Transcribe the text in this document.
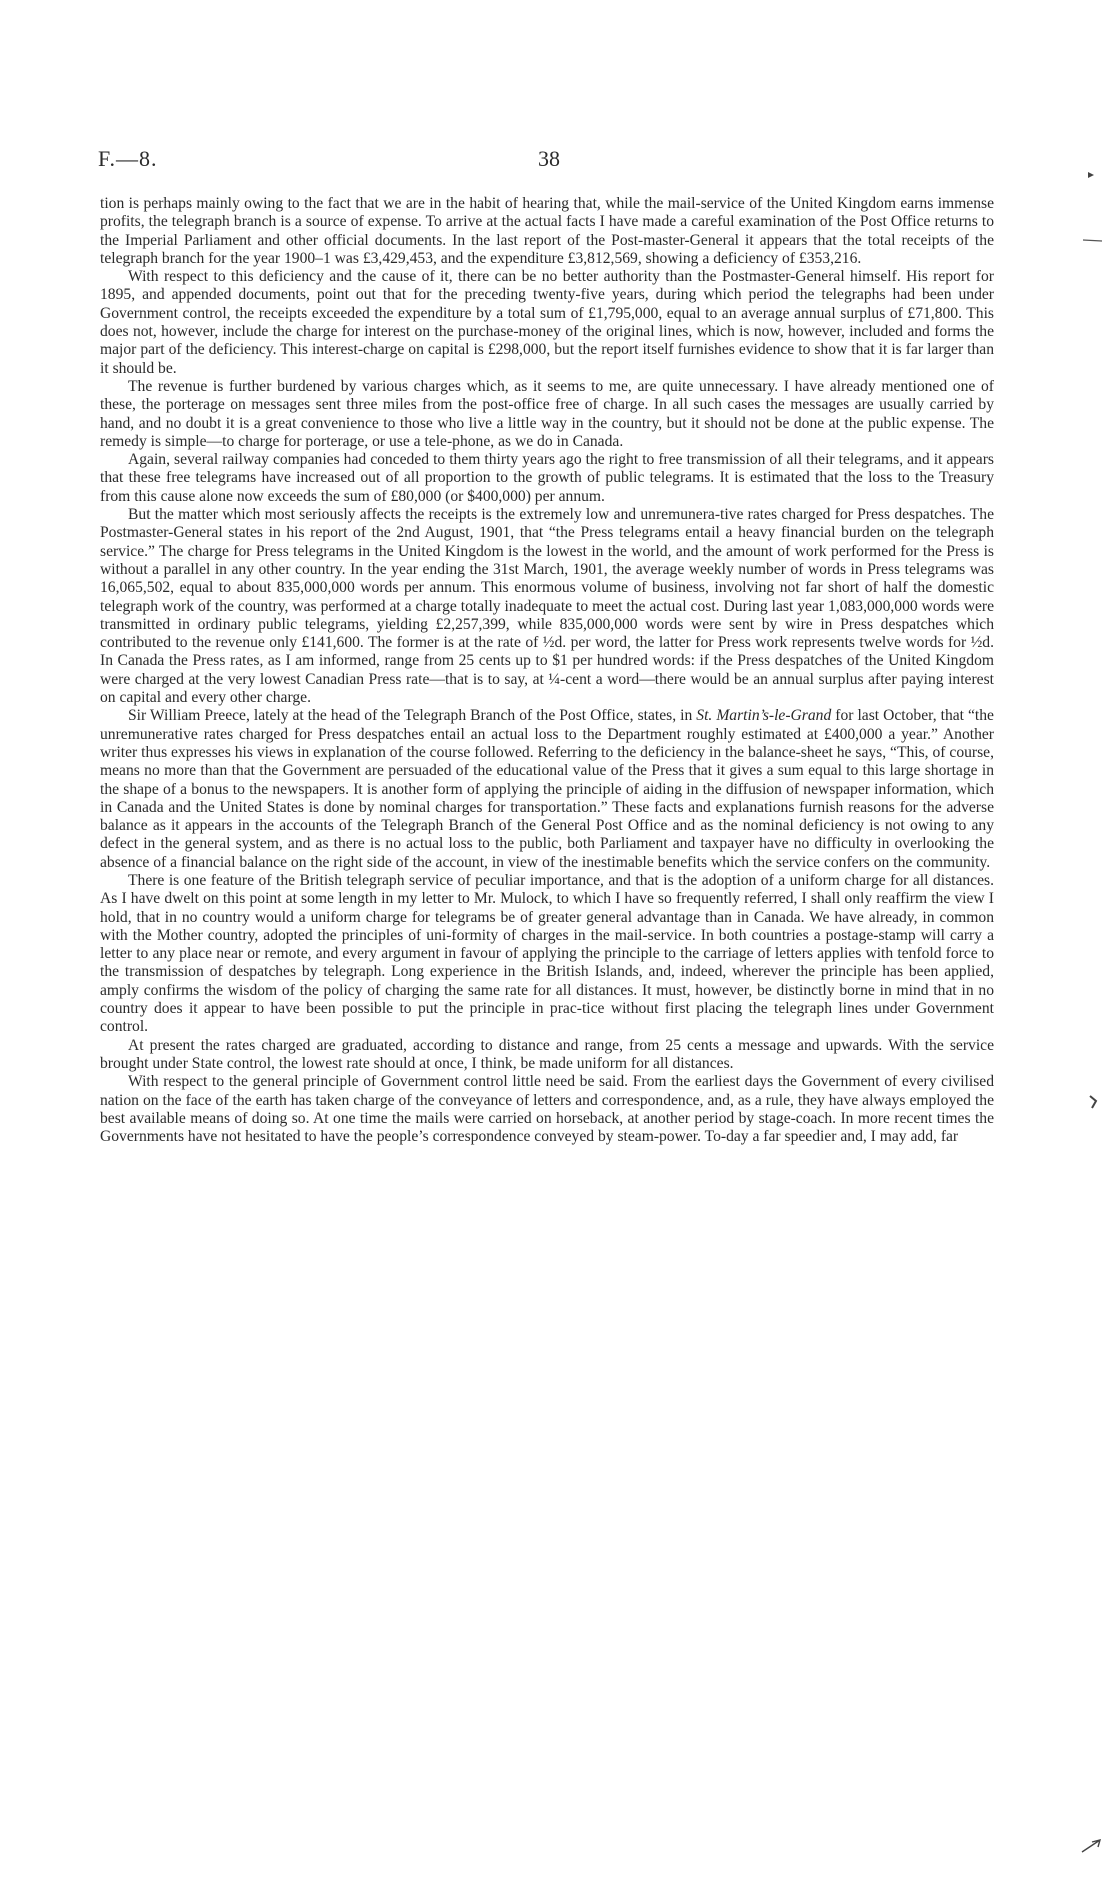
F.—8.	38

tion is perhaps mainly owing to the fact that we are in the habit of hearing that, while the mail-service of the United Kingdom earns immense profits, the telegraph branch is a source of expense. To arrive at the actual facts I have made a careful examination of the Post Office returns to the Imperial Parliament and other official documents. In the last report of the Post-master-General it appears that the total receipts of the telegraph branch for the year 1900–1 was £3,429,453, and the expenditure £3,812,569, showing a deficiency of £353,216.

With respect to this deficiency and the cause of it, there can be no better authority than the Postmaster-General himself. His report for 1895, and appended documents, point out that for the preceding twenty-five years, during which period the telegraphs had been under Government control, the receipts exceeded the expenditure by a total sum of £1,795,000, equal to an average annual surplus of £71,800. This does not, however, include the charge for interest on the purchase-money of the original lines, which is now, however, included and forms the major part of the deficiency. This interest-charge on capital is £298,000, but the report itself furnishes evidence to show that it is far larger than it should be.

The revenue is further burdened by various charges which, as it seems to me, are quite unnecessary. I have already mentioned one of these, the porterage on messages sent three miles from the post-office free of charge. In all such cases the messages are usually carried by hand, and no doubt it is a great convenience to those who live a little way in the country, but it should not be done at the public expense. The remedy is simple—to charge for porterage, or use a tele-phone, as we do in Canada.

Again, several railway companies had conceded to them thirty years ago the right to free transmission of all their telegrams, and it appears that these free telegrams have increased out of all proportion to the growth of public telegrams. It is estimated that the loss to the Treasury from this cause alone now exceeds the sum of £80,000 (or $400,000) per annum.

But the matter which most seriously affects the receipts is the extremely low and unremunera-tive rates charged for Press despatches. The Postmaster-General states in his report of the 2nd August, 1901, that “the Press telegrams entail a heavy financial burden on the telegraph service.” The charge for Press telegrams in the United Kingdom is the lowest in the world, and the amount of work performed for the Press is without a parallel in any other country. In the year ending the 31st March, 1901, the average weekly number of words in Press telegrams was 16,065,502, equal to about 835,000,000 words per annum. This enormous volume of business, involving not far short of half the domestic telegraph work of the country, was performed at a charge totally inadequate to meet the actual cost. During last year 1,083,000,000 words were transmitted in ordinary public telegrams, yielding £2,257,399, while 835,000,000 words were sent by wire in Press despatches which contributed to the revenue only £141,600. The former is at the rate of ½d. per word, the latter for Press work represents twelve words for ½d. In Canada the Press rates, as I am informed, range from 25 cents up to $1 per hundred words: if the Press despatches of the United Kingdom were charged at the very lowest Canadian Press rate—that is to say, at ¼-cent a word—there would be an annual surplus after paying interest on capital and every other charge.

Sir William Preece, lately at the head of the Telegraph Branch of the Post Office, states, in St. Martin’s-le-Grand for last October, that “the unremunerative rates charged for Press despatches entail an actual loss to the Department roughly estimated at £400,000 a year.” Another writer thus expresses his views in explanation of the course followed. Referring to the deficiency in the balance-sheet he says, “This, of course, means no more than that the Government are persuaded of the educational value of the Press that it gives a sum equal to this large shortage in the shape of a bonus to the newspapers. It is another form of applying the principle of aiding in the diffusion of newspaper information, which in Canada and the United States is done by nominal charges for transportation.” These facts and explanations furnish reasons for the adverse balance as it appears in the accounts of the Telegraph Branch of the General Post Office and as the nominal deficiency is not owing to any defect in the general system, and as there is no actual loss to the public, both Parliament and taxpayer have no difficulty in overlooking the absence of a financial balance on the right side of the account, in view of the inestimable benefits which the service confers on the community.

There is one feature of the British telegraph service of peculiar importance, and that is the adoption of a uniform charge for all distances. As I have dwelt on this point at some length in my letter to Mr. Mulock, to which I have so frequently referred, I shall only reaffirm the view I hold, that in no country would a uniform charge for telegrams be of greater general advantage than in Canada. We have already, in common with the Mother country, adopted the principles of uni-formity of charges in the mail-service. In both countries a postage-stamp will carry a letter to any place near or remote, and every argument in favour of applying the principle to the carriage of letters applies with tenfold force to the transmission of despatches by telegraph. Long experience in the British Islands, and, indeed, wherever the principle has been applied, amply confirms the wisdom of the policy of charging the same rate for all distances. It must, however, be distinctly borne in mind that in no country does it appear to have been possible to put the principle in prac-tice without first placing the telegraph lines under Government control.

At present the rates charged are graduated, according to distance and range, from 25 cents a message and upwards. With the service brought under State control, the lowest rate should at once, I think, be made uniform for all distances.

With respect to the general principle of Government control little need be said. From the earliest days the Government of every civilised nation on the face of the earth has taken charge of the conveyance of letters and correspondence, and, as a rule, they have always employed the best available means of doing so. At one time the mails were carried on horseback, at another period by stage-coach. In more recent times the Governments have not hesitated to have the people’s correspondence conveyed by steam-power. To-day a far speedier and, I may add, far
